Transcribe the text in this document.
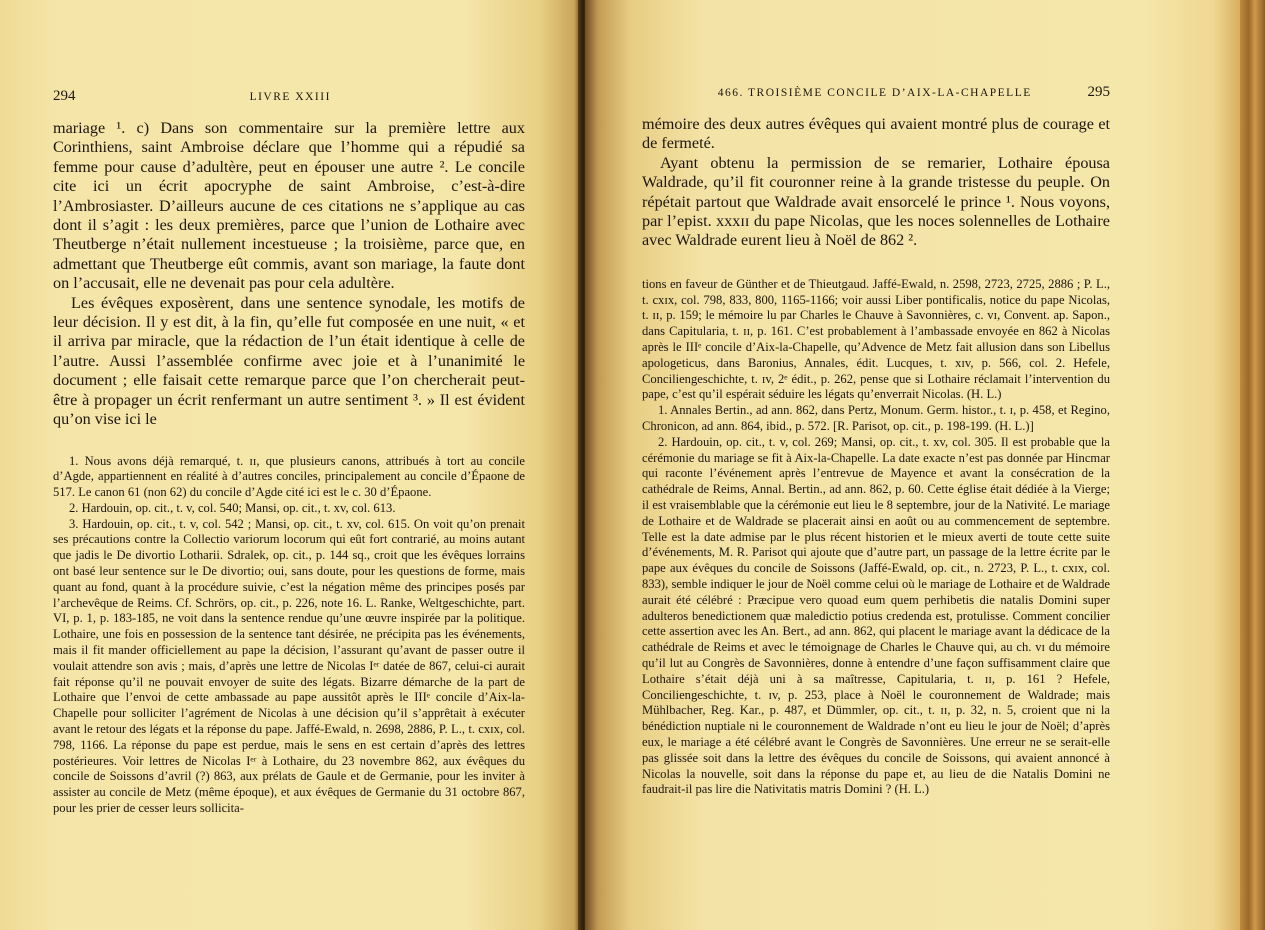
294	LIVRE XXIII

mariage ¹. c) Dans son commentaire sur la première lettre aux Corinthiens, saint Ambroise déclare que l’homme qui a répudié sa femme pour cause d’adultère, peut en épouser une autre ². Le concile cite ici un écrit apocryphe de saint Ambroise, c’est-à-dire l’Ambrosiaster. D’ailleurs aucune de ces citations ne s’applique au cas dont il s’agit : les deux premières, parce que l’union de Lothaire avec Theutberge n’était nullement incestueuse ; la troisième, parce que, en admettant que Theutberge eût commis, avant son mariage, la faute dont on l’accusait, elle ne devenait pas pour cela adultère.

Les évêques exposèrent, dans une sentence synodale, les motifs de leur décision. Il y est dit, à la fin, qu’elle fut composée en une nuit, « et il arriva par miracle, que la rédaction de l’un était identique à celle de l’autre. Aussi l’assemblée confirme avec joie et à l’unanimité le document ; elle faisait cette remarque parce que l’on chercherait peut-être à propager un écrit renfermant un autre sentiment ³. » Il est évident qu’on vise ici le

1. Nous avons déjà remarqué, t. ɪɪ, que plusieurs canons, attribués à tort au concile d’Agde, appartiennent en réalité à d’autres conciles, principalement au concile d’Épaone de 517. Le canon 61 (non 62) du concile d’Agde cité ici est le c. 30 d’Épaone.

2. Hardouin, op. cit., t. v, col. 540; Mansi, op. cit., t. xv, col. 613.

3. Hardouin, op. cit., t. v, col. 542 ; Mansi, op. cit., t. xv, col. 615. On voit qu’on prenait ses précautions contre la Collectio variorum locorum qui eût fort contrarié, au moins autant que jadis le De divortio Lotharii. Sdralek, op. cit., p. 144 sq., croit que les évêques lorrains ont basé leur sentence sur le De divortio; oui, sans doute, pour les questions de forme, mais quant au fond, quant à la procédure suivie, c’est la négation même des principes posés par l’archevêque de Reims. Cf. Schrörs, op. cit., p. 226, note 16. L. Ranke, Weltgeschichte, part. VI, p. 1, p. 183-185, ne voit dans la sentence rendue qu’une œuvre inspirée par la politique. Lothaire, une fois en possession de la sentence tant désirée, ne précipita pas les événements, mais il fit mander officiellement au pape la décision, l’assurant qu’avant de passer outre il voulait attendre son avis ; mais, d’après une lettre de Nicolas Iᵉʳ datée de 867, celui-ci aurait fait réponse qu’il ne pouvait envoyer de suite des légats. Bizarre démarche de la part de Lothaire que l’envoi de cette ambassade au pape aussitôt après le IIIᵉ concile d’Aix-la-Chapelle pour solliciter l’agrément de Nicolas à une décision qu’il s’apprêtait à exécuter avant le retour des légats et la réponse du pape. Jaffé-Ewald, n. 2698, 2886, P. L., t. cxɪx, col. 798, 1166. La réponse du pape est perdue, mais le sens en est certain d’après des lettres postérieures. Voir lettres de Nicolas Iᵉʳ à Lothaire, du 23 novembre 862, aux évêques du concile de Soissons d’avril (?) 863, aux prélats de Gaule et de Germanie, pour les inviter à assister au concile de Metz (même époque), et aux évêques de Germanie du 31 octobre 867, pour les prier de cesser leurs sollicita-

466. TROISIÈME CONCILE D’AIX-LA-CHAPELLE	295

mémoire des deux autres évêques qui avaient montré plus de courage et de fermeté.

Ayant obtenu la permission de se remarier, Lothaire épousa Waldrade, qu’il fit couronner reine à la grande tristesse du peuple. On répétait partout que Waldrade avait ensorcelé le prince ¹. Nous voyons, par l’epist. xxxɪɪ du pape Nicolas, que les noces solennelles de Lothaire avec Waldrade eurent lieu à Noël de 862 ².

tions en faveur de Günther et de Thieutgaud. Jaffé-Ewald, n. 2598, 2723, 2725, 2886 ; P. L., t. cxɪx, col. 798, 833, 800, 1165-1166; voir aussi Liber pontificalis, notice du pape Nicolas, t. ɪɪ, p. 159; le mémoire lu par Charles le Chauve à Savonnières, c. vɪ, Convent. ap. Sapon., dans Capitularia, t. ɪɪ, p. 161. C’est probablement à l’ambassade envoyée en 862 à Nicolas après le IIIᵉ concile d’Aix-la-Chapelle, qu’Advence de Metz fait allusion dans son Libellus apologeticus, dans Baronius, Annales, édit. Lucques, t. xɪv, p. 566, col. 2. Hefele, Conciliengeschichte, t. ɪv, 2ᵉ édit., p. 262, pense que si Lothaire réclamait l’intervention du pape, c’est qu’il espérait séduire les légats qu’enverrait Nicolas. (H. L.)

1. Annales Bertin., ad ann. 862, dans Pertz, Monum. Germ. histor., t. ɪ, p. 458, et Regino, Chronicon, ad ann. 864, ibid., p. 572. [R. Parisot, op. cit., p. 198-199. (H. L.)]

2. Hardouin, op. cit., t. v, col. 269; Mansi, op. cit., t. xv, col. 305. Il est probable que la cérémonie du mariage se fit à Aix-la-Chapelle. La date exacte n’est pas donnée par Hincmar qui raconte l’événement après l’entrevue de Mayence et avant la consécration de la cathédrale de Reims, Annal. Bertin., ad ann. 862, p. 60. Cette église était dédiée à la Vierge; il est vraisemblable que la cérémonie eut lieu le 8 septembre, jour de la Nativité. Le mariage de Lothaire et de Waldrade se placerait ainsi en août ou au commencement de septembre. Telle est la date admise par le plus récent historien et le mieux averti de toute cette suite d’événements, M. R. Parisot qui ajoute que d’autre part, un passage de la lettre écrite par le pape aux évêques du concile de Soissons (Jaffé-Ewald, op. cit., n. 2723, P. L., t. cxɪx, col. 833), semble indiquer le jour de Noël comme celui où le mariage de Lothaire et de Waldrade aurait été célébré : Præcipue vero quoad eum quem perhibetis die natalis Domini super adulteros benedictionem quæ maledictio potius credenda est, protulisse. Comment concilier cette assertion avec les An. Bert., ad ann. 862, qui placent le mariage avant la dédicace de la cathédrale de Reims et avec le témoignage de Charles le Chauve qui, au ch. vɪ du mémoire qu’il lut au Congrès de Savonnières, donne à entendre d’une façon suffisamment claire que Lothaire s’était déjà uni à sa maîtresse, Capitularia, t. ɪɪ, p. 161 ? Hefele, Conciliengeschichte, t. ɪv, p. 253, place à Noël le couronnement de Waldrade; mais Mühlbacher, Reg. Kar., p. 487, et Dümmler, op. cit., t. ɪɪ, p. 32, n. 5, croient que ni la bénédiction nuptiale ni le couronnement de Waldrade n’ont eu lieu le jour de Noël; d’après eux, le mariage a été célébré avant le Congrès de Savonnières. Une erreur ne se serait-elle pas glissée soit dans la lettre des évêques du concile de Soissons, qui avaient annoncé à Nicolas la nouvelle, soit dans la réponse du pape et, au lieu de die Natalis Domini ne faudrait-il pas lire die Nativitatis matris Domini ? (H. L.)
